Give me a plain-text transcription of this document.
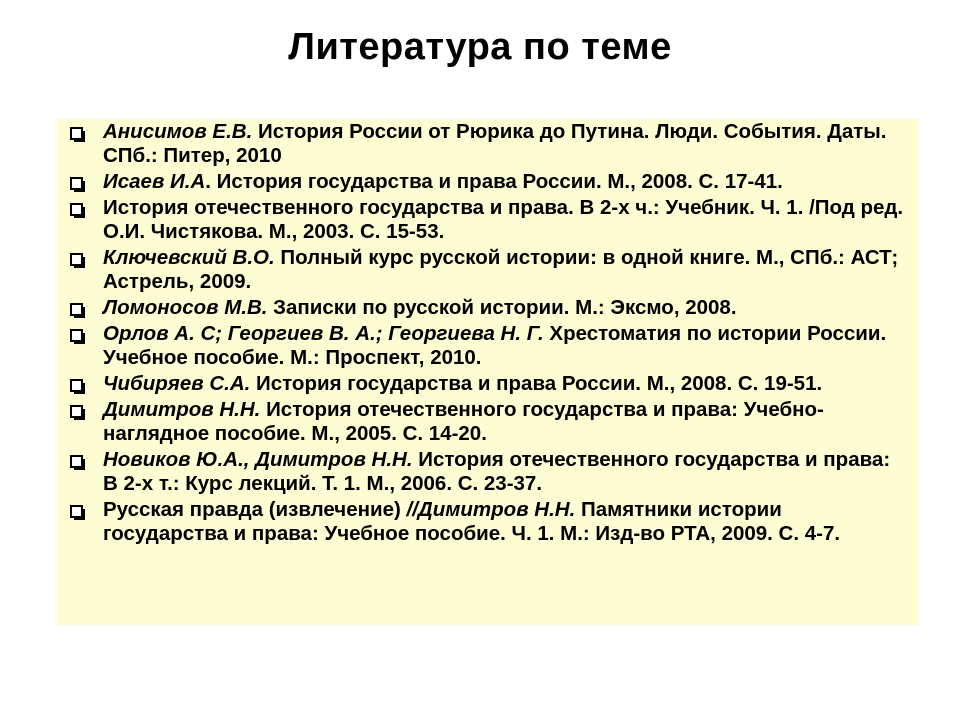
Литература по теме
Анисимов Е.В. История России от Рюрика до Путина. Люди. События. Даты. СПб.: Питер, 2010
Исаев И.А. История государства и права России. М., 2008. С. 17-41.
История отечественного государства и права. В 2-х ч.: Учебник. Ч. 1. /Под ред. О.И. Чистякова. М., 2003. С. 15-53.
Ключевский В.О. Полный курс русской истории: в одной книге. М., СПб.: АСТ; Астрель, 2009.
Ломоносов М.В. Записки по русской истории. М.: Эксмо, 2008.
Орлов А. С; Георгиев В. А.; Георгиева Н. Г. Хрестоматия по истории России. Учебное пособие. М.: Проспект, 2010.
Чибиряев С.А. История государства и права России. М., 2008. С. 19-51.
Димитров Н.Н. История отечественного государства и права: Учебно-наглядное пособие. М., 2005. С. 14-20.
Новиков Ю.А., Димитров Н.Н. История отечественного государства и права: В 2-х т.: Курс лекций. Т. 1. М., 2006. С. 23-37.
Русская правда (извлечение) //Димитров Н.Н. Памятники истории государства и права: Учебное пособие. Ч. 1. М.: Изд-во РТА, 2009. С. 4-7.
